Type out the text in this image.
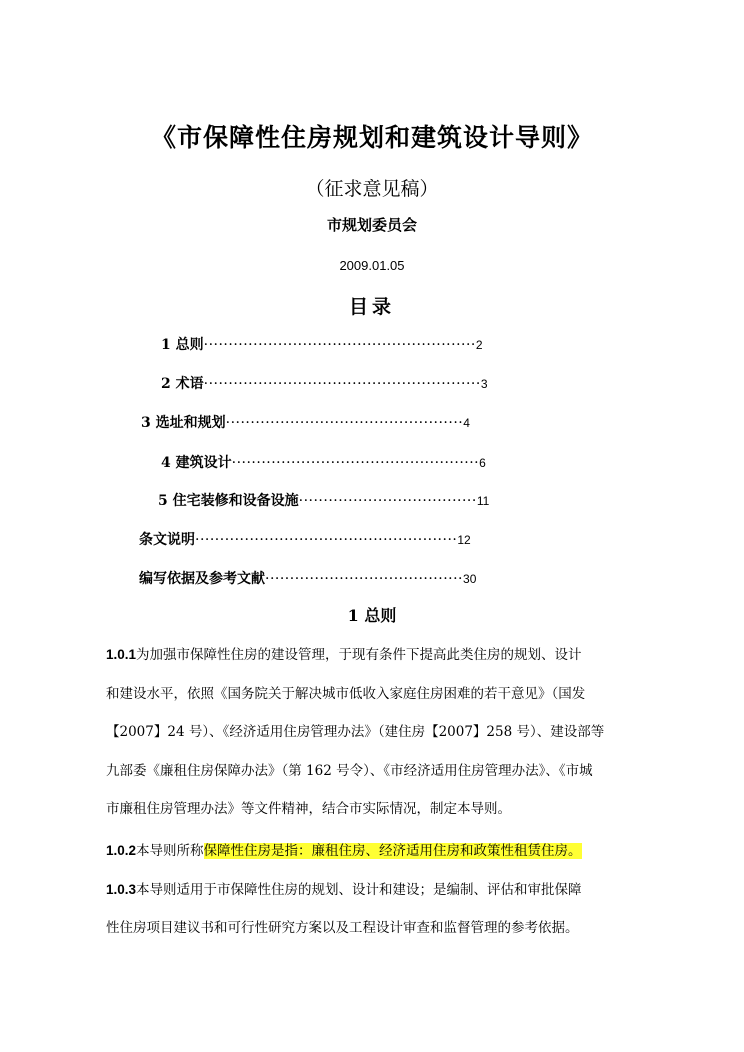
《市保障性住房规划和建筑设计导则》
（征求意见稿）
市规划委员会
2009.01.05
目录
1 总则·······················································2
2 术语························································3
3 选址和规划················································4
4 建筑设计··················································6
5 住宅装修和设备设施····································11
条文说明·····················································12
编写依据及参考文献········································30
1 总则
1.0.1为加强市保障性住房的建设管理，于现有条件下提高此类住房的规划、设计
和建设水平，依照《国务院关于解决城市低收入家庭住房困难的若干意见》（国发
【2007】24 号）、《经济适用住房管理办法》（建住房【2007】258 号）、建设部等
九部委《廉租住房保障办法》（第 162 号令）、《市经济适用住房管理办法》、《市城
市廉租住房管理办法》等文件精神，结合市实际情况，制定本导则。
1.0.2本导则所称保障性住房是指：廉租住房、经济适用住房和政策性租赁住房。
1.0.3本导则适用于市保障性住房的规划、设计和建设；是编制、评估和审批保障
性住房项目建议书和可行性研究方案以及工程设计审查和监督管理的参考依据。
